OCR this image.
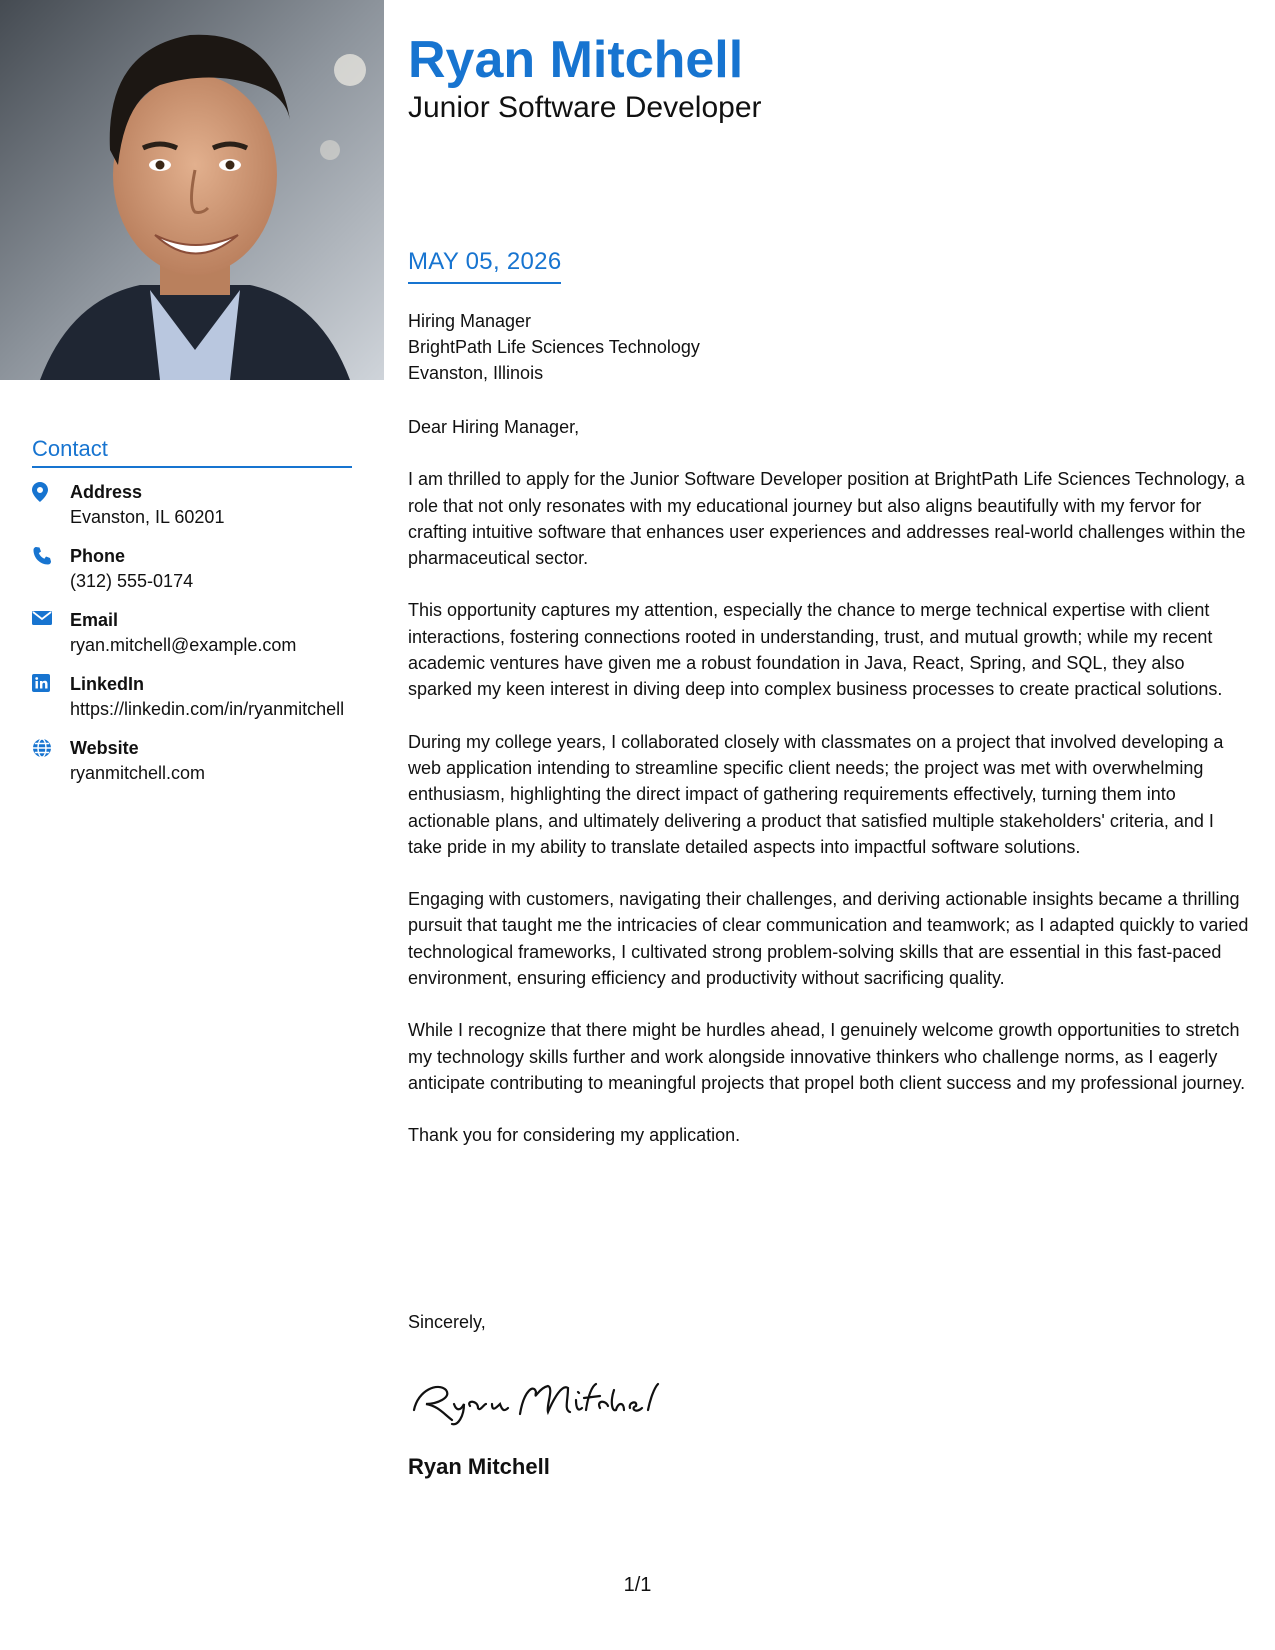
Contact
Address
Evanston, IL 60201
Phone
(312) 555-0174
Email
ryan.mitchell@example.com
LinkedIn
https://linkedin.com/in/ryanmitchell
Website
ryanmitchell.com
Ryan Mitchell
Junior Software Developer
MAY 05, 2026
Hiring Manager
BrightPath Life Sciences Technology
Evanston, Illinois

Dear Hiring Manager,

I am thrilled to apply for the Junior Software Developer position at BrightPath Life Sciences Technology, a role that not only resonates with my educational journey but also aligns beautifully with my fervor for crafting intuitive software that enhances user experiences and addresses real-world challenges within the pharmaceutical sector.

This opportunity captures my attention, especially the chance to merge technical expertise with client interactions, fostering connections rooted in understanding, trust, and mutual growth; while my recent academic ventures have given me a robust foundation in Java, React, Spring, and SQL, they also sparked my keen interest in diving deep into complex business processes to create practical solutions.

During my college years, I collaborated closely with classmates on a project that involved developing a web application intending to streamline specific client needs; the project was met with overwhelming enthusiasm, highlighting the direct impact of gathering requirements effectively, turning them into actionable plans, and ultimately delivering a product that satisfied multiple stakeholders' criteria, and I take pride in my ability to translate detailed aspects into impactful software solutions.

Engaging with customers, navigating their challenges, and deriving actionable insights became a thrilling pursuit that taught me the intricacies of clear communication and teamwork; as I adapted quickly to varied technological frameworks, I cultivated strong problem-solving skills that are essential in this fast-paced environment, ensuring efficiency and productivity without sacrificing quality.

While I recognize that there might be hurdles ahead, I genuinely welcome growth opportunities to stretch my technology skills further and work alongside innovative thinkers who challenge norms, as I eagerly anticipate contributing to meaningful projects that propel both client success and my professional journey.

Thank you for considering my application.

Sincerely,
Ryan Mitchell
1/1
